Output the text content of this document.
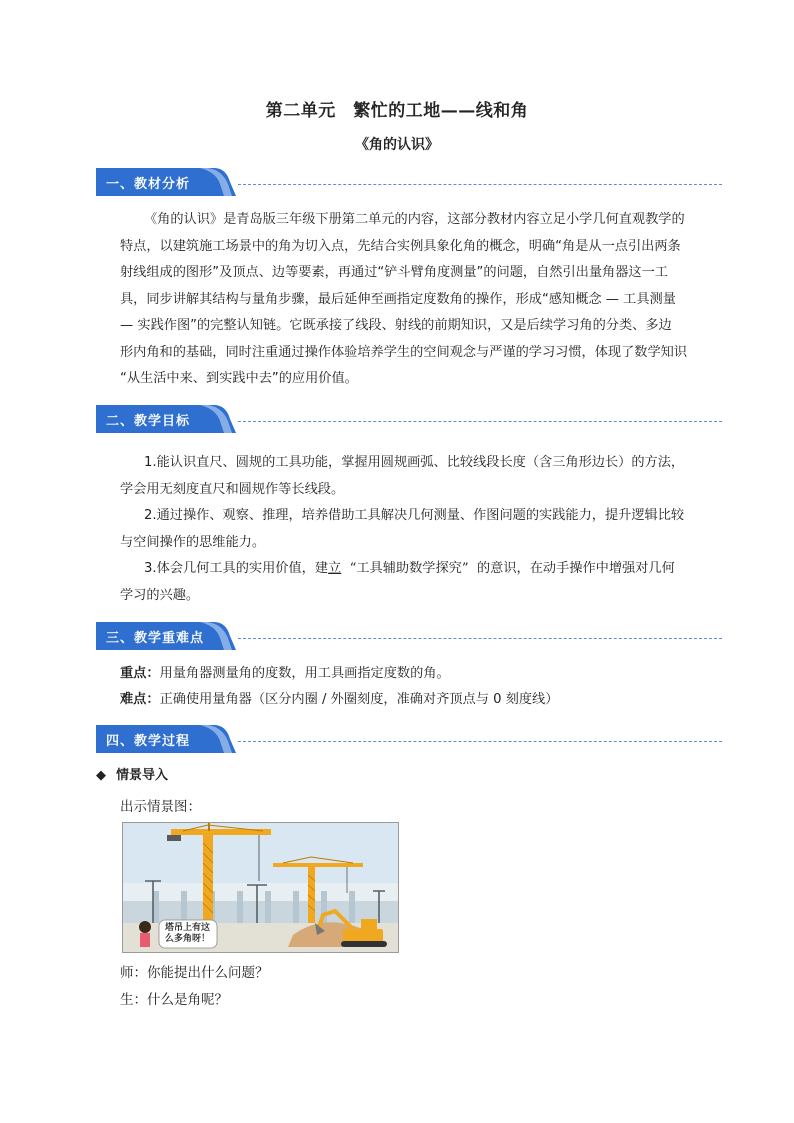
第二单元　繁忙的工地——线和角
《角的认识》
一、教材分析
《角的认识》是青岛版三年级下册第二单元的内容，这部分教材内容立足小学几何直观教学的
特点，以建筑施工场景中的角为切入点，先结合实例具象化角的概念，明确“角是从一点引出两条
射线组成的图形”及顶点、边等要素，再通过“铲斗臂角度测量”的问题，自然引出量角器这一工
具，同步讲解其结构与量角步骤，最后延伸至画指定度数角的操作，形成“感知概念 — 工具测量
— 实践作图”的完整认知链。它既承接了线段、射线的前期知识，又是后续学习角的分类、多边
形内角和的基础，同时注重通过操作体验培养学生的空间观念与严谨的学习习惯，体现了数学知识
“从生活中来、到实践中去”的应用价值。
二、教学目标
1.能认识直尺、圆规的工具功能，掌握用圆规画弧、比较线段长度（含三角形边长）的方法，
学会用无刻度直尺和圆规作等长线段。
2.通过操作、观察、推理，培养借助工具解决几何测量、作图问题的实践能力，提升逻辑比较
与空间操作的思维能力。
3.体会几何工具的实用价值，建立 “工具辅助数学探究” 的意识，在动手操作中增强对几何
学习的兴趣。
三、教学重难点
重点：用量角器测量角的度数，用工具画指定度数的角。
难点：正确使用量角器（区分内圈 / 外圈刻度，准确对齐顶点与 0 刻度线）
四、教学过程
◆ 情景导入
出示情景图：
塔吊上有这
么多角呀！
师：你能提出什么问题？
生：什么是角呢？
